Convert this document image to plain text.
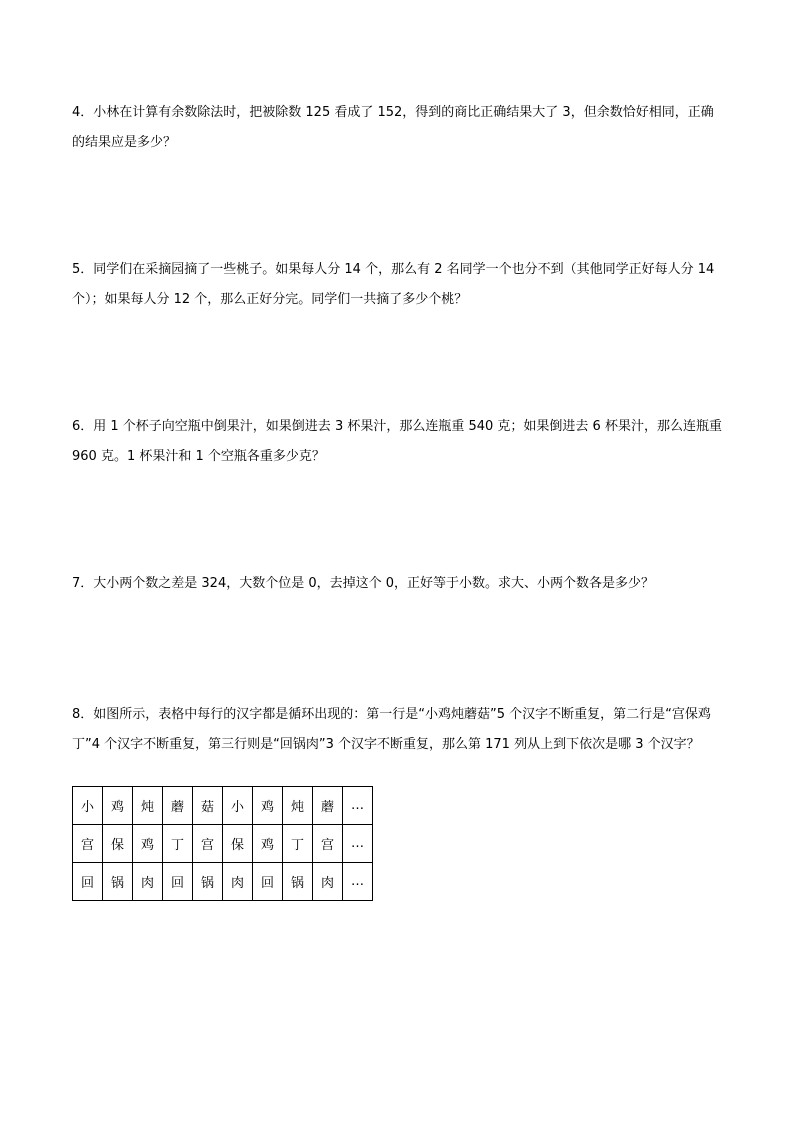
4．小林在计算有余数除法时，把被除数 125 看成了 152，得到的商比正确结果大了 3，但余数恰好相同，正确的结果应是多少？

5．同学们在采摘园摘了一些桃子。如果每人分 14 个，那么有 2 名同学一个也分不到（其他同学正好每人分 14 个）；如果每人分 12 个，那么正好分完。同学们一共摘了多少个桃？

6．用 1 个杯子向空瓶中倒果汁，如果倒进去 3 杯果汁，那么连瓶重 540 克；如果倒进去 6 杯果汁，那么连瓶重 960 克。1 杯果汁和 1 个空瓶各重多少克？

7．大小两个数之差是 324，大数个位是 0，去掉这个 0，正好等于小数。求大、小两个数各是多少？

8．如图所示，表格中每行的汉字都是循环出现的：第一行是“小鸡炖蘑菇”5 个汉字不断重复，第二行是“宫保鸡丁”4 个汉字不断重复，第三行则是“回锅肉”3 个汉字不断重复，那么第 171 列从上到下依次是哪 3 个汉字？

小	鸡	炖	蘑	菇	小	鸡	炖	蘑	…
宫	保	鸡	丁	宫	保	鸡	丁	宫	…
回	锅	肉	回	锅	肉	回	锅	肉	…
